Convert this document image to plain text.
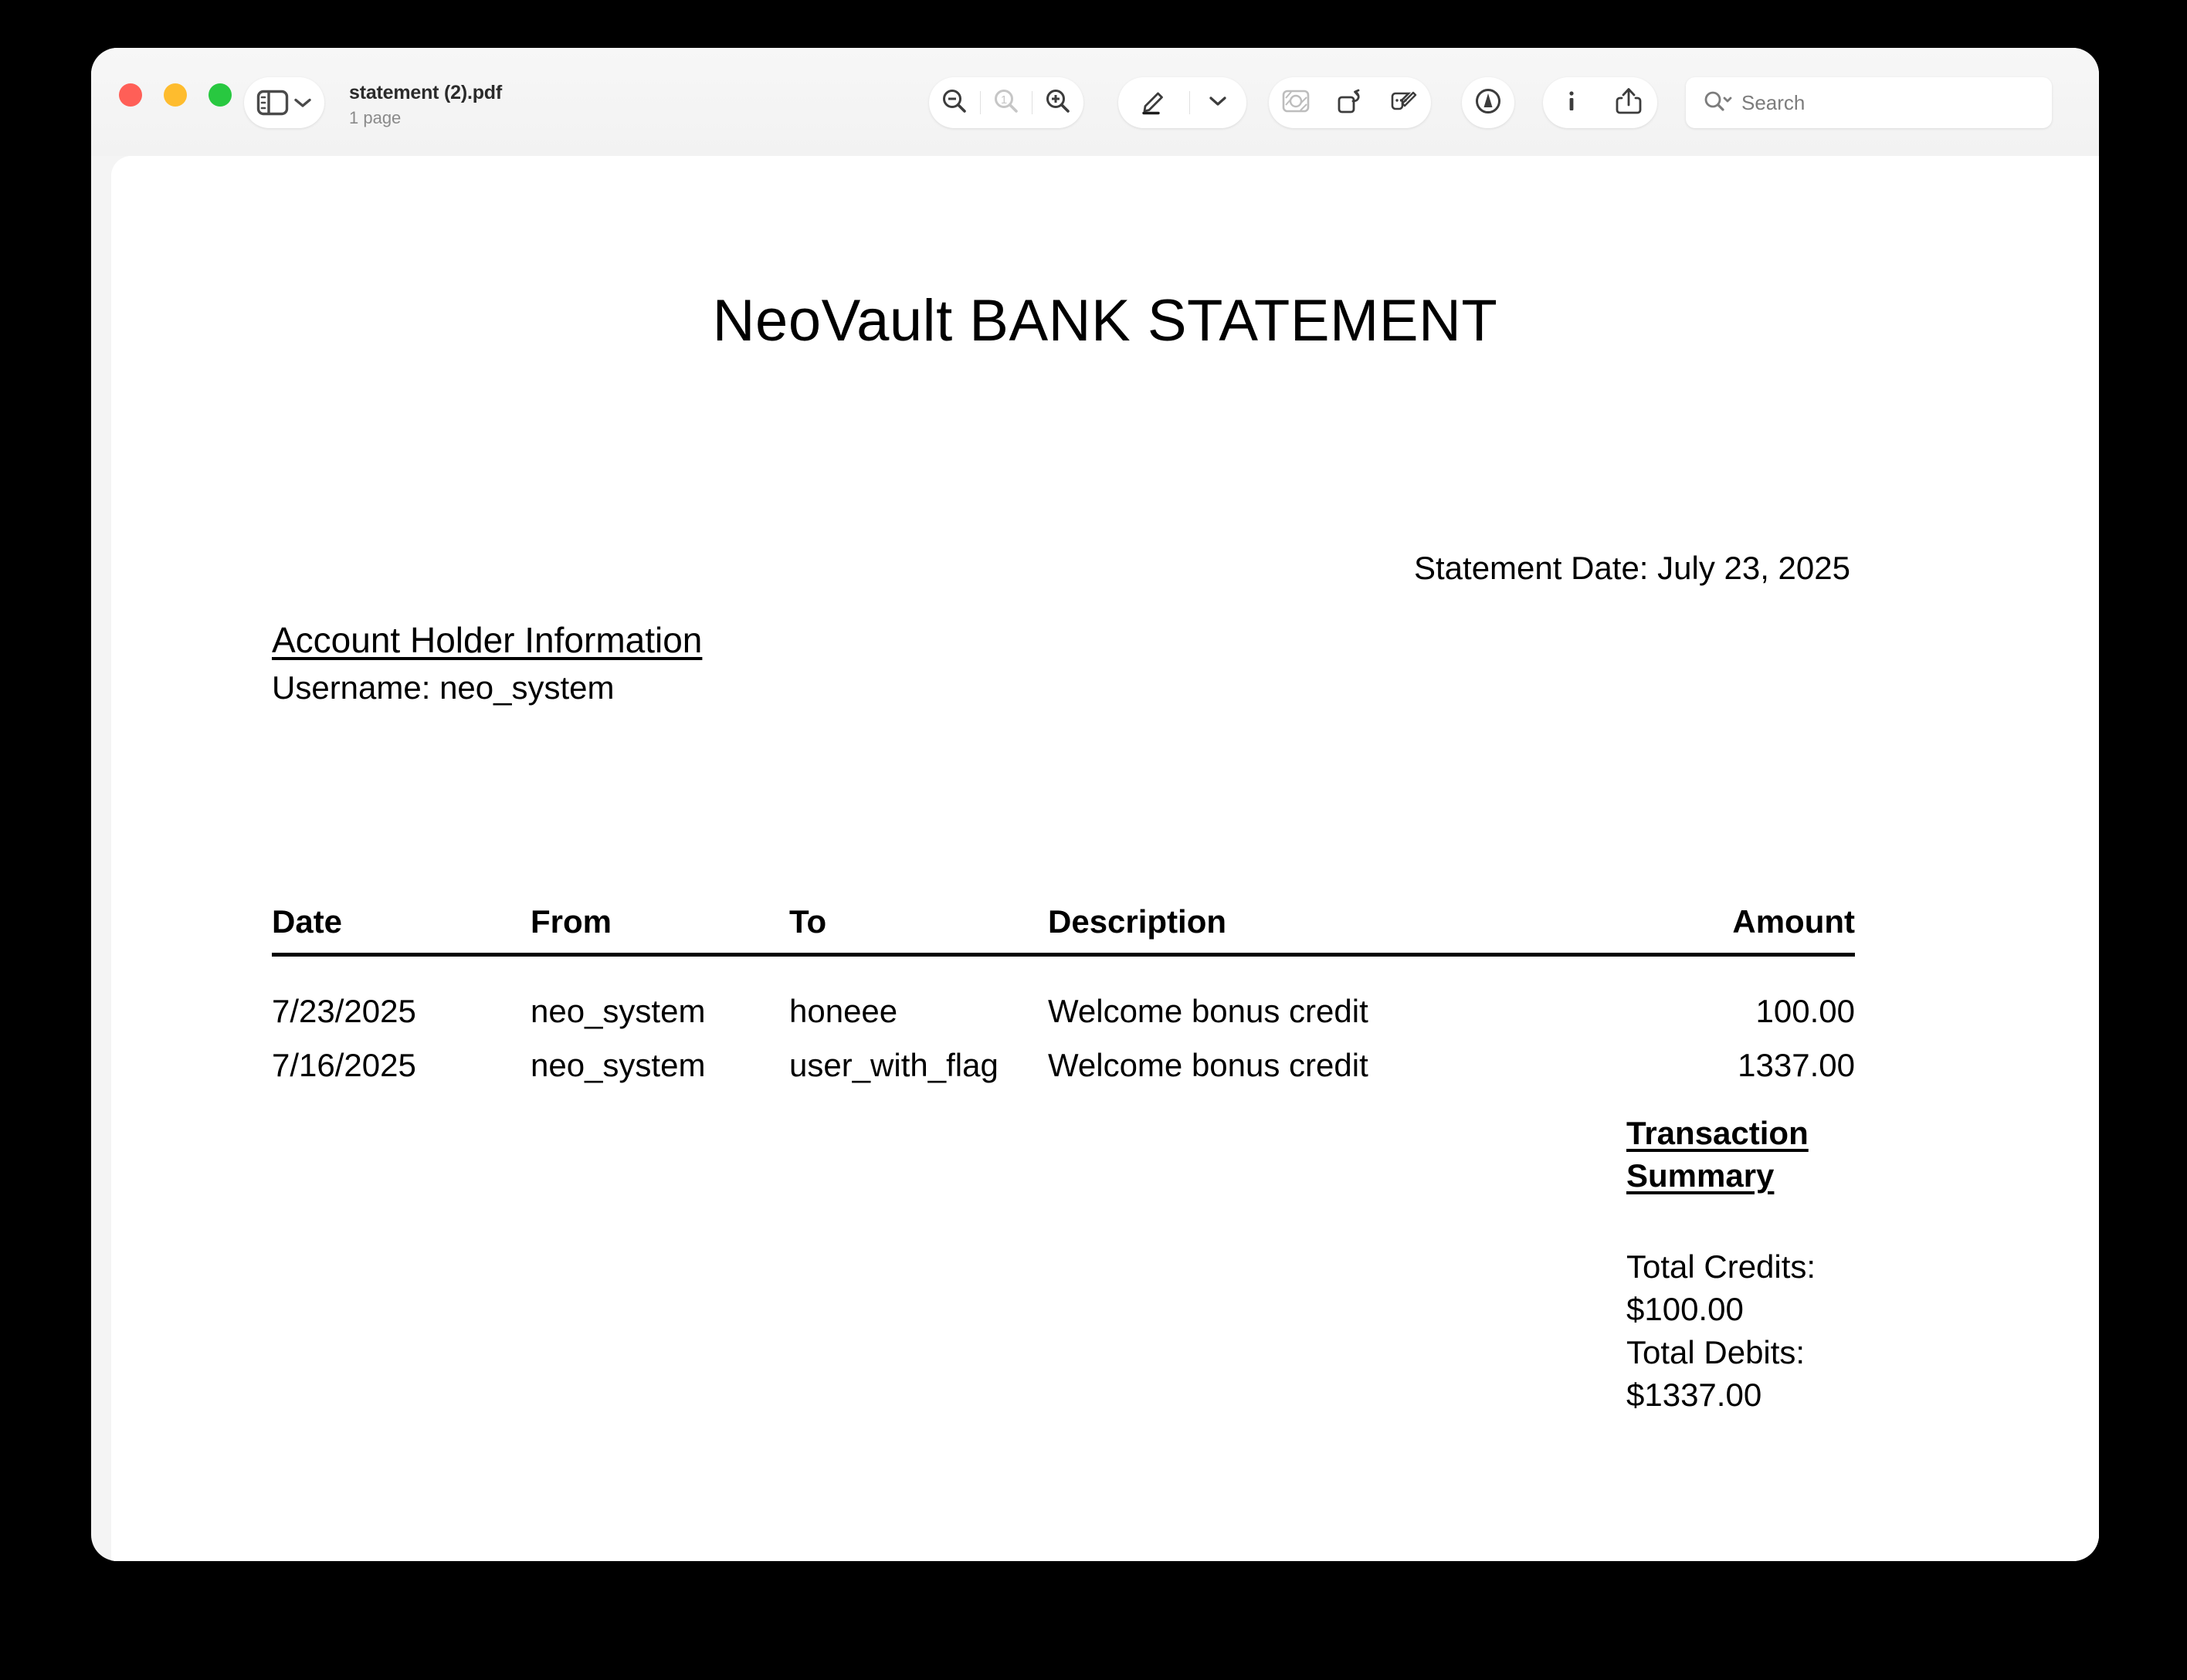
statement (2).pdf
1 page
1	Search
NeoVault BANK STATEMENT
Statement Date: July 23, 2025
Account Holder Information
Username: neo_system
Date	From	To	Description	Amount
7/23/2025	neo_system	honeee	Welcome bonus credit	100.00
7/16/2025	neo_system	user_with_flag	Welcome bonus credit	1337.00
Transaction Summary
Total Credits:
$100.00
Total Debits:
$1337.00
